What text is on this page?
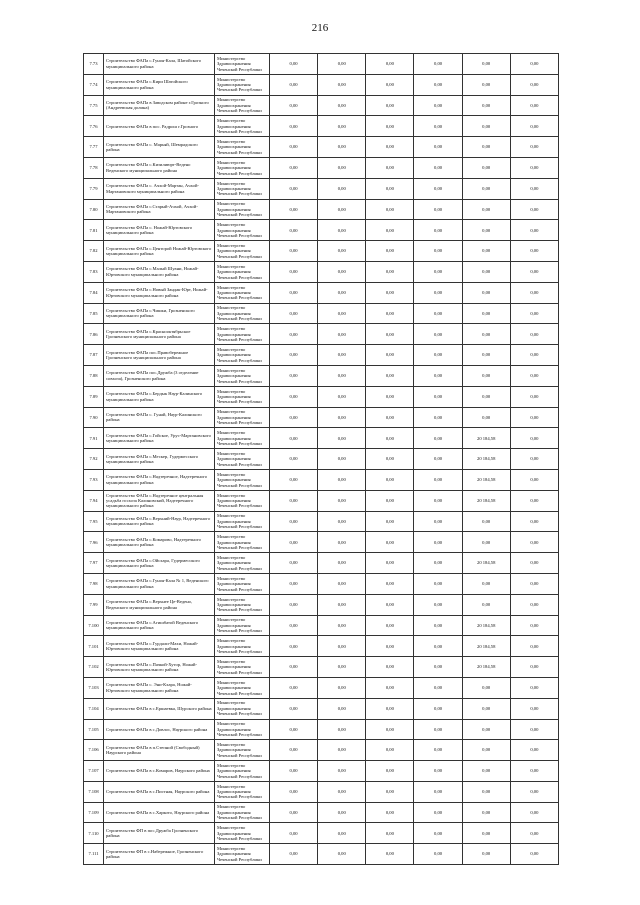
216
7.73	Строительство ФАПа с.Гуноя-Кала, Шатойского муниципального района	Министерство
Здравоохранения
Чеченской Республики	0,00	0,00	0,00	0,00	0,00	0,00
7.74	Строительство ФАПа с.Кири Шатойского муниципального района	Министерство
Здравоохранения
Чеченской Республики	0,00	0,00	0,00	0,00	0,00	0,00
7.75	Строительство ФАПа в Заводском районе г.Грозного (Андреевская долина)	Министерство
Здравоохранения
Чеченской Республики	0,00	0,00	0,00	0,00	0,00	0,00
7.76	Строительство ФАПа в пос. Радрош г.Грозного	Министерство
Здравоохранения
Чеченской Республики	0,00	0,00	0,00	0,00	0,00	0,00
7.77	Строительство ФАПа с. Марьяй, Шемрадского района	Министерство
Здравоохранения
Чеченской Республики	0,00	0,00	0,00	0,00	0,00	0,00
7.78	Строительство ФАПа с.Кизилиюрт-Ведено Веденского муниципального района	Министерство
Здравоохранения
Чеченской Республики	0,00	0,00	0,00	0,00	0,00	0,00
7.79	Строительство ФАПа с. Ачхой-Мартан, Ачхой-Мартановского муниципального района	Министерство
Здравоохранения
Чеченской Республики	0,00	0,00	0,00	0,00	0,00	0,00
7.80	Строительство ФАПа с.Старый-Ачхой, Ачхой-Мартановского района	Министерство
Здравоохранения
Чеченской Республики	0,00	0,00	0,00	0,00	0,00	0,00
7.81	Строительство ФАПа с. Ножай-Юртовского муниципального района	Министерство
Здравоохранения
Чеченской Республики	0,00	0,00	0,00	0,00	0,00	0,00
7.82	Строительство ФАПа с.Центорой Ножай-Юртовского муниципального района	Министерство
Здравоохранения
Чеченской Республики	0,00	0,00	0,00	0,00	0,00	0,00
7.83	Строительство ФАПа с.Малый Шуани, Ножай-Юртовского муниципального района	Министерство
Здравоохранения
Чеченской Республики	0,00	0,00	0,00	0,00	0,00	0,00
7.84	Строительство ФАПа с.Новый Зандак-Юрт, Ножай-Юртовского муниципального района	Министерство
Здравоохранения
Чеченской Республики	0,00	0,00	0,00	0,00	0,00	0,00
7.85	Строительство ФАПа с.Чишки, Грозненского муниципального района	Министерство
Здравоохранения
Чеченской Республики	0,00	0,00	0,00	0,00	0,00	0,00
7.86	Строительство ФАПа с.Краснооктябрьское Грозненского муниципального района	Министерство
Здравоохранения
Чеченской Республики	0,00	0,00	0,00	0,00	0,00	0,00
7.87	Строительство ФАПа пос.Правобережное Грозненского муниципального района	Министерство
Здравоохранения
Чеченской Республики	0,00	0,00	0,00	0,00	0,00	0,00
7.88	Строительство ФАПа пос.Дружба (3 отделение совхоза), Грозненского района	Министерство
Здравоохранения
Чеченской Республики	0,00	0,00	0,00	0,00	0,00	0,00
7.89	Строительство ФАПа с.Бердык Наур-Калинского муниципального района	Министерство
Здравоохранения
Чеченской Республики	0,00	0,00	0,00	0,00	0,00	0,00
7.90	Строительство ФАПа с. Гунай, Наур-Калинского района	Министерство
Здравоохранения
Чеченской Республики	0,00	0,00	0,00	0,00	0,00	0,00
7.91	Строительство ФАПа с.Гойское, Урус-Мартановского муниципального района	Министерство
Здравоохранения
Чеченской Республики	0,00	0,00	0,00	0,00	20 184,58	0,00
7.92	Строительство ФАПа с.Мескер, Гудермесского муниципального района	Министерство
Здравоохранения
Чеченской Республики	0,00	0,00	0,00	0,00	20 184,58	0,00
7.93	Строительство ФАПа с.Надтеречное, Надтеречного муниципального района	Министерство
Здравоохранения
Чеченской Республики	0,00	0,00	0,00	0,00	20 184,58	0,00
7.94	Строительство ФАПа с.Надтеречное центральная усадьба госхоза Калиновский, Надтеречного муниципального района	Министерство
Здравоохранения
Чеченской Республики	0,00	0,00	0,00	0,00	20 184,58	0,00
7.95	Строительство ФАПа с.Верхний-Наур, Надтеречного муниципального района	Министерство
Здравоохранения
Чеченской Республики	0,00	0,00	0,00	0,00	0,00	0,00
7.96	Строительство ФАПа с.Комарово, Надтеречного муниципального района	Министерство
Здравоохранения
Чеченской Республики	0,00	0,00	0,00	0,00	0,00	0,00
7.97	Строительство ФАПа с.Ойсхара, Гудермесского муниципального района	Министерство
Здравоохранения
Чеченской Республики	0,00	0,00	0,00	0,00	20 184,58	0,00
7.98	Строительство ФАПа с.Гуноя-Кала № 1, Веденского муниципального района	Министерство
Здравоохранения
Чеченской Республики	0,00	0,00	0,00	0,00	0,00	0,00
7.99	Строительство ФАПа с.Верхнее Це-Ведено, Веденского муниципального района	Министерство
Здравоохранения
Чеченской Республики	0,00	0,00	0,00	0,00	0,00	0,00
7.100	Строительство ФАПа с.Агишбатой Веденского муниципального района	Министерство
Здравоохранения
Чеченской Республики	0,00	0,00	0,00	0,00	20 184,58	0,00
7.101	Строительство ФАПа с.Гурдали-Махи, Ножай-Юртовского муниципального района	Министерство
Здравоохранения
Чеченской Республики	0,00	0,00	0,00	0,00	20 184,58	0,00
7.102	Строительство ФАПа с.Пачкой-Хутор, Ножай-Юртовского муниципального района	Министерство
Здравоохранения
Чеченской Республики	0,00	0,00	0,00	0,00	20 184,58	0,00
7.103	Строительство ФАПа с. Эни-Кхара, Ножай-Юртовского муниципального района	Министерство
Здравоохранения
Чеченской Республики	0,00	0,00	0,00	0,00	0,00	0,00
7.104	Строительство ФАПа в с.Ершаевка, Шурского района	Министерство
Здравоохранения
Чеченской Республики	0,00	0,00	0,00	0,00	0,00	0,00
7.105	Строительство ФАПа в с.Довлос, Наурского района	Министерство
Здравоохранения
Чеченской Республики	0,00	0,00	0,00	0,00	0,00	0,00
7.106	Строительство ФАПа в п.Степной (Свободный) Наурского района	Министерство
Здравоохранения
Чеченской Республики	0,00	0,00	0,00	0,00	0,00	0,00
7.107	Строительство ФАПа в с.Комаров, Наурского района	Министерство
Здравоохранения
Чеченской Республики	0,00	0,00	0,00	0,00	0,00	0,00
7.108	Строительство ФАПа в с.Пистная, Наурского района	Министерство
Здравоохранения
Чеченской Республики	0,00	0,00	0,00	0,00	0,00	0,00
7.109	Строительство ФАПа в с.Харкото, Наурского района	Министерство
Здравоохранения
Чеченской Республики	0,00	0,00	0,00	0,00	0,00	0,00
7.110	Строительство ФП в пос.Дружба Грозненского района	Министерство
Здравоохранения
Чеченской Республики	0,00	0,00	0,00	0,00	0,00	0,00
7.111	Строительство ФП в с.Набережное, Грозненского района	Министерство
Здравоохранения
Чеченской Республики	0,00	0,00	0,00	0,00	0,00	0,00
